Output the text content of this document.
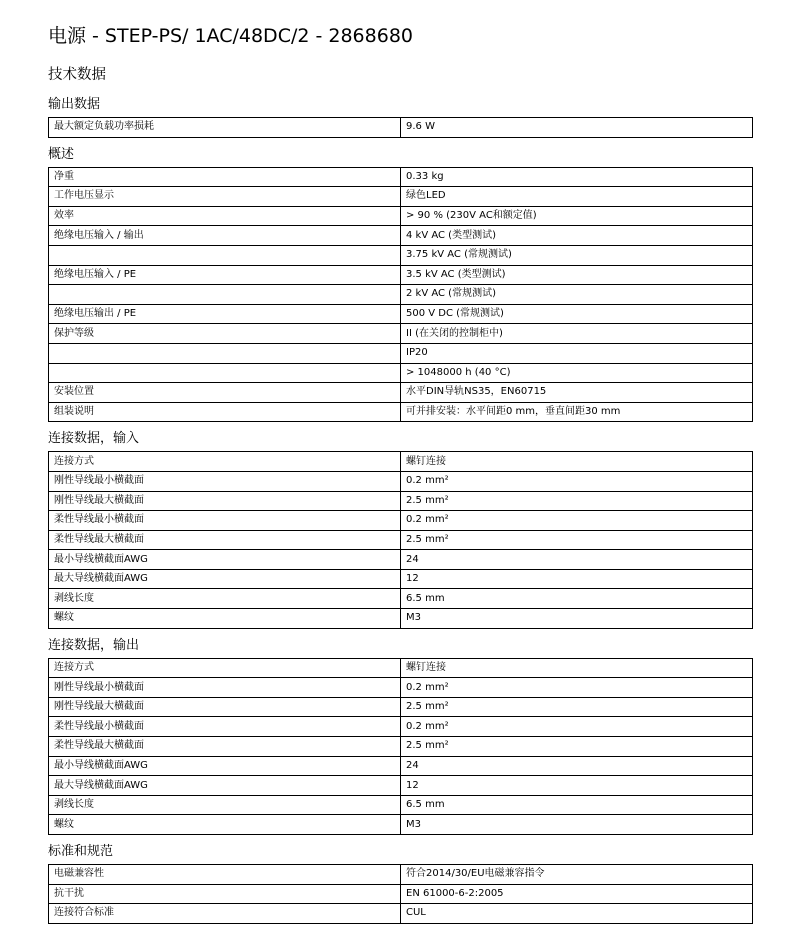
电源 - STEP-PS/ 1AC/48DC/2 - 2868680
技术数据
输出数据
最大额定负载功率损耗	9.6 W
概述
净重	0.33 kg
工作电压显示	绿色LED
效率	> 90 % (230V AC和额定值)
绝缘电压输入 / 输出	4 kV AC (类型测试)
	3.75 kV AC (常规测试)
绝缘电压输入 / PE	3.5 kV AC (类型测试)
	2 kV AC (常规测试)
绝缘电压输出 / PE	500 V DC (常规测试)
保护等级	II (在关闭的控制柜中)
	IP20
	> 1048000 h (40 °C)
安装位置	水平DIN导轨NS35，EN60715
组装说明	可并排安装：水平间距0 mm，垂直间距30 mm
连接数据，输入
连接方式	螺钉连接
刚性导线最小横截面	0.2 mm²
刚性导线最大横截面	2.5 mm²
柔性导线最小横截面	0.2 mm²
柔性导线最大横截面	2.5 mm²
最小导线横截面AWG	24
最大导线横截面AWG	12
剥线长度	6.5 mm
螺纹	M3
连接数据，输出
连接方式	螺钉连接
刚性导线最小横截面	0.2 mm²
刚性导线最大横截面	2.5 mm²
柔性导线最小横截面	0.2 mm²
柔性导线最大横截面	2.5 mm²
最小导线横截面AWG	24
最大导线横截面AWG	12
剥线长度	6.5 mm
螺纹	M3
标准和规范
电磁兼容性	符合2014/30/EU电磁兼容指令
抗干扰	EN 61000-6-2:2005
连接符合标准	CUL
